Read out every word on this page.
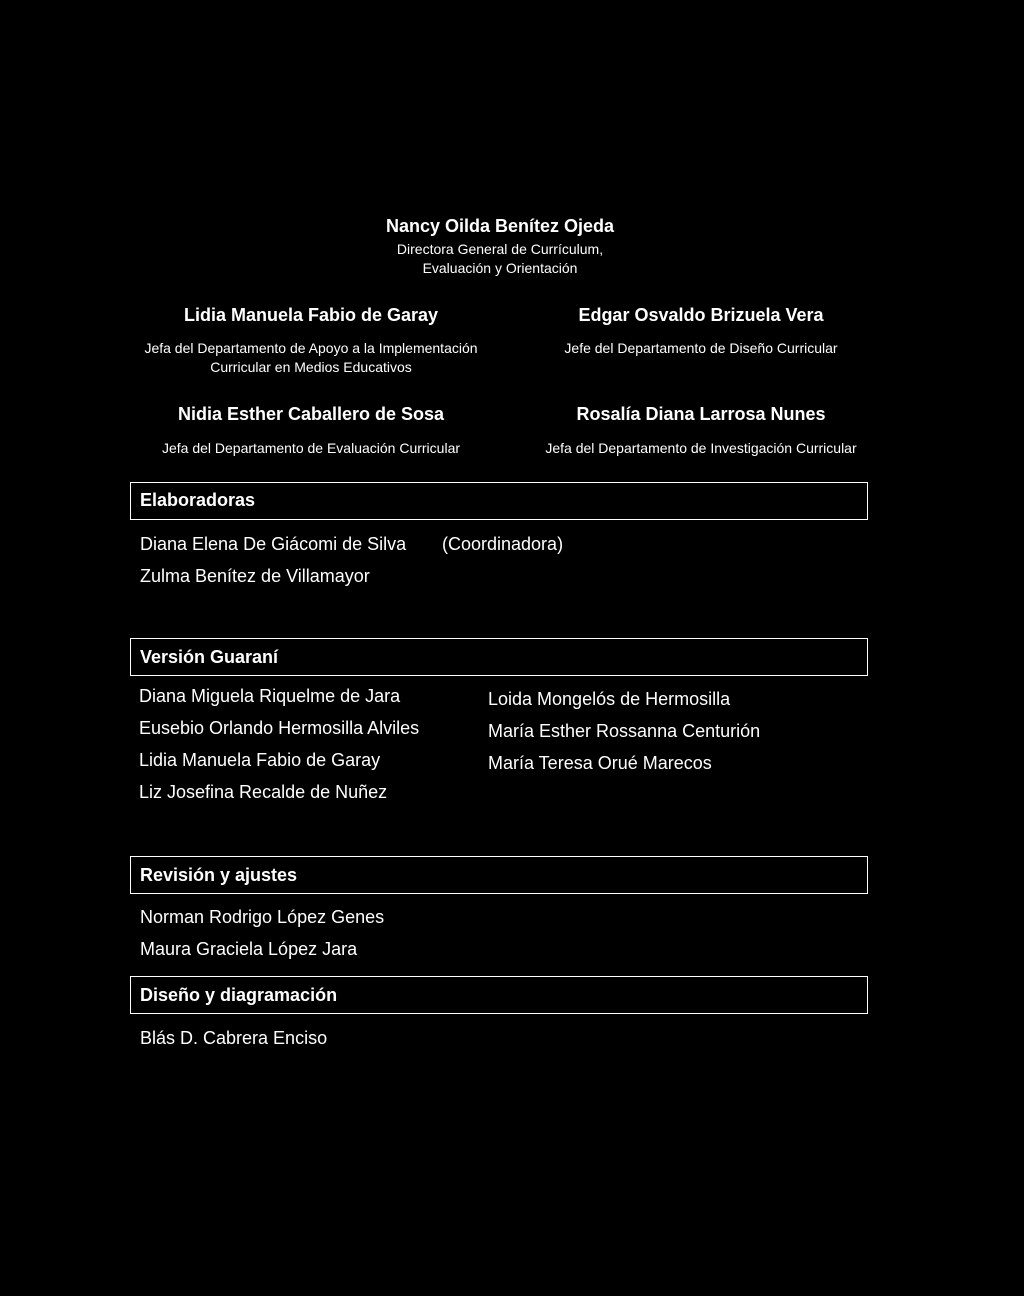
Nancy Oilda Benítez Ojeda
Directora General de Currículum,
Evaluación y Orientación
Lidia Manuela Fabio de Garay
Jefa del Departamento de Apoyo a la Implementación
Curricular en Medios Educativos
Edgar Osvaldo Brizuela Vera
Jefe del Departamento de Diseño Curricular
Nidia Esther Caballero de Sosa
Jefa del Departamento de Evaluación Curricular
Rosalía Diana Larrosa Nunes
Jefa del Departamento de Investigación Curricular
Elaboradoras
Diana Elena De Giácomi de Silva (Coordinadora)
Zulma Benítez de Villamayor
Versión Guaraní
Diana Miguela Riquelme de Jara
Eusebio Orlando Hermosilla Alviles
Lidia Manuela Fabio de Garay
Liz Josefina Recalde de Nuñez
Loida Mongelós de Hermosilla
María Esther Rossanna Centurión
María Teresa Orué Marecos
Revisión y ajustes
Norman Rodrigo López Genes
Maura Graciela López Jara
Diseño y diagramación
Blás D. Cabrera Enciso
